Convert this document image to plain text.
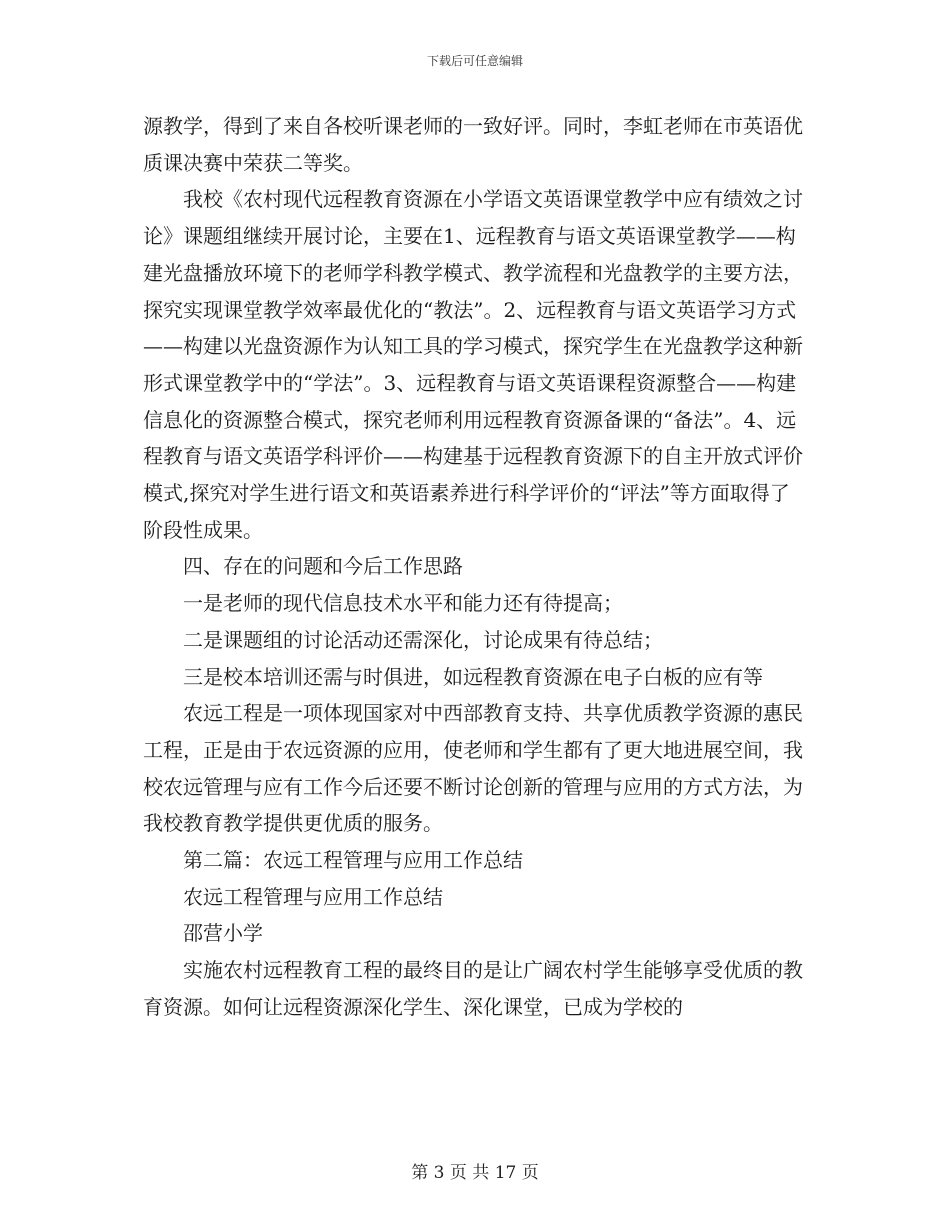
下载后可任意编辑

源教学，得到了来自各校听课老师的一致好评。同时，李虹老师在市英语优质课决赛中荣获二等奖。

我校《农村现代远程教育资源在小学语文英语课堂教学中应有绩效之讨论》课题组继续开展讨论，主要在1、远程教育与语文英语课堂教学——构建光盘播放环境下的老师学科教学模式、教学流程和光盘教学的主要方法，探究实现课堂教学效率最优化的“教法”。2、远程教育与语文英语学习方式——构建以光盘资源作为认知工具的学习模式，探究学生在光盘教学这种新形式课堂教学中的“学法”。3、远程教育与语文英语课程资源整合——构建信息化的资源整合模式，探究老师利用远程教育资源备课的“备法”。4、远程教育与语文英语学科评价——构建基于远程教育资源下的自主开放式评价模式,探究对学生进行语文和英语素养进行科学评价的“评法”等方面取得了阶段性成果。

四、存在的问题和今后工作思路

一是老师的现代信息技术水平和能力还有待提高；

二是课题组的讨论活动还需深化，讨论成果有待总结；

三是校本培训还需与时俱进，如远程教育资源在电子白板的应有等

农远工程是一项体现国家对中西部教育支持、共享优质教学资源的惠民工程，正是由于农远资源的应用，使老师和学生都有了更大地进展空间，我校农远管理与应有工作今后还要不断讨论创新的管理与应用的方式方法，为我校教育教学提供更优质的服务。

第二篇：农远工程管理与应用工作总结

农远工程管理与应用工作总结

邵营小学

实施农村远程教育工程的最终目的是让广阔农村学生能够享受优质的教育资源。如何让远程资源深化学生、深化课堂，已成为学校的

第 3 页 共 17 页
